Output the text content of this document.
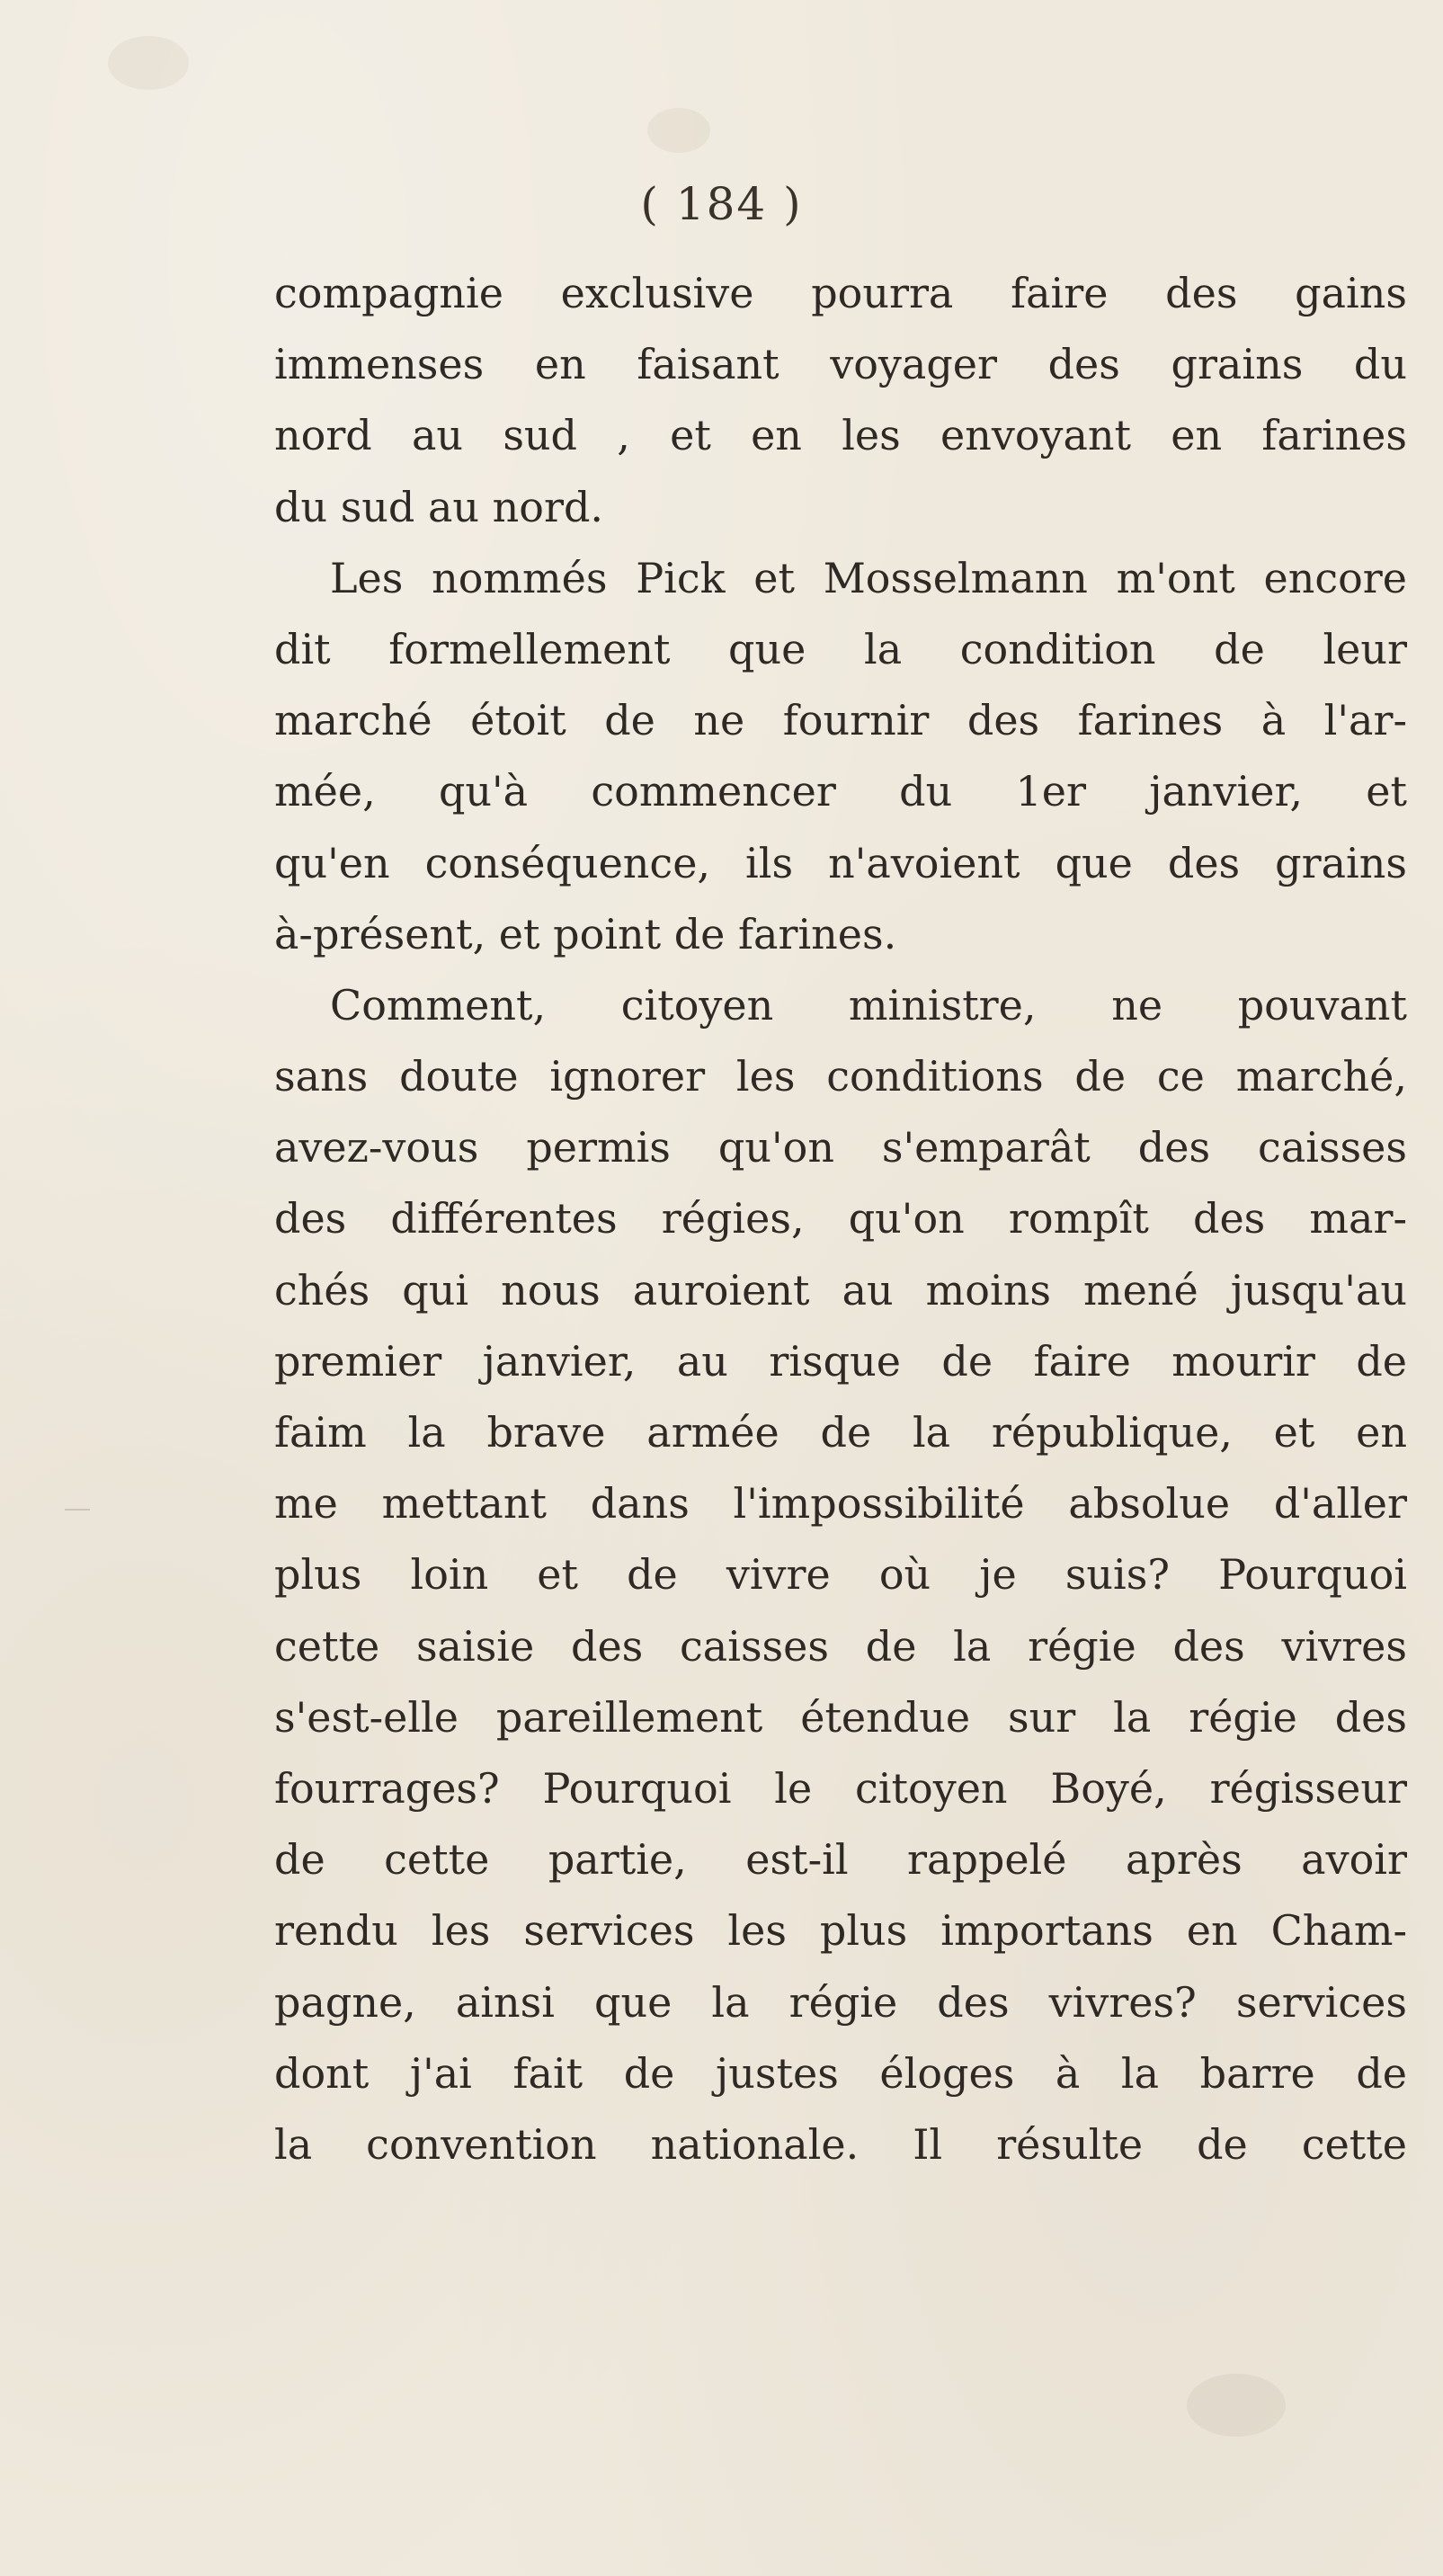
( 184 )
compagnie exclusive pourra faire des gains
immenses en faisant voyager des grains du
nord au sud , et en les envoyant en farines
du sud au nord.
Les nommés Pick et Mosselmann m'ont encore
dit formellement que la condition de leur
marché étoit de ne fournir des farines à l'ar-
mée, qu'à commencer du 1er janvier, et
qu'en conséquence, ils n'avoient que des grains
à-présent, et point de farines.
Comment, citoyen ministre, ne pouvant
sans doute ignorer les conditions de ce marché,
avez-vous permis qu'on s'emparât des caisses
des différentes régies, qu'on rompît des mar-
chés qui nous auroient au moins mené jusqu'au
premier janvier, au risque de faire mourir de
faim la brave armée de la république, et en
me mettant dans l'impossibilité absolue d'aller
plus loin et de vivre où je suis? Pourquoi
cette saisie des caisses de la régie des vivres
s'est-elle pareillement étendue sur la régie des
fourrages? Pourquoi le citoyen Boyé, régisseur
de cette partie, est-il rappelé après avoir
rendu les services les plus importans en Cham-
pagne, ainsi que la régie des vivres? services
dont j'ai fait de justes éloges à la barre de
la convention nationale. Il résulte de cette
